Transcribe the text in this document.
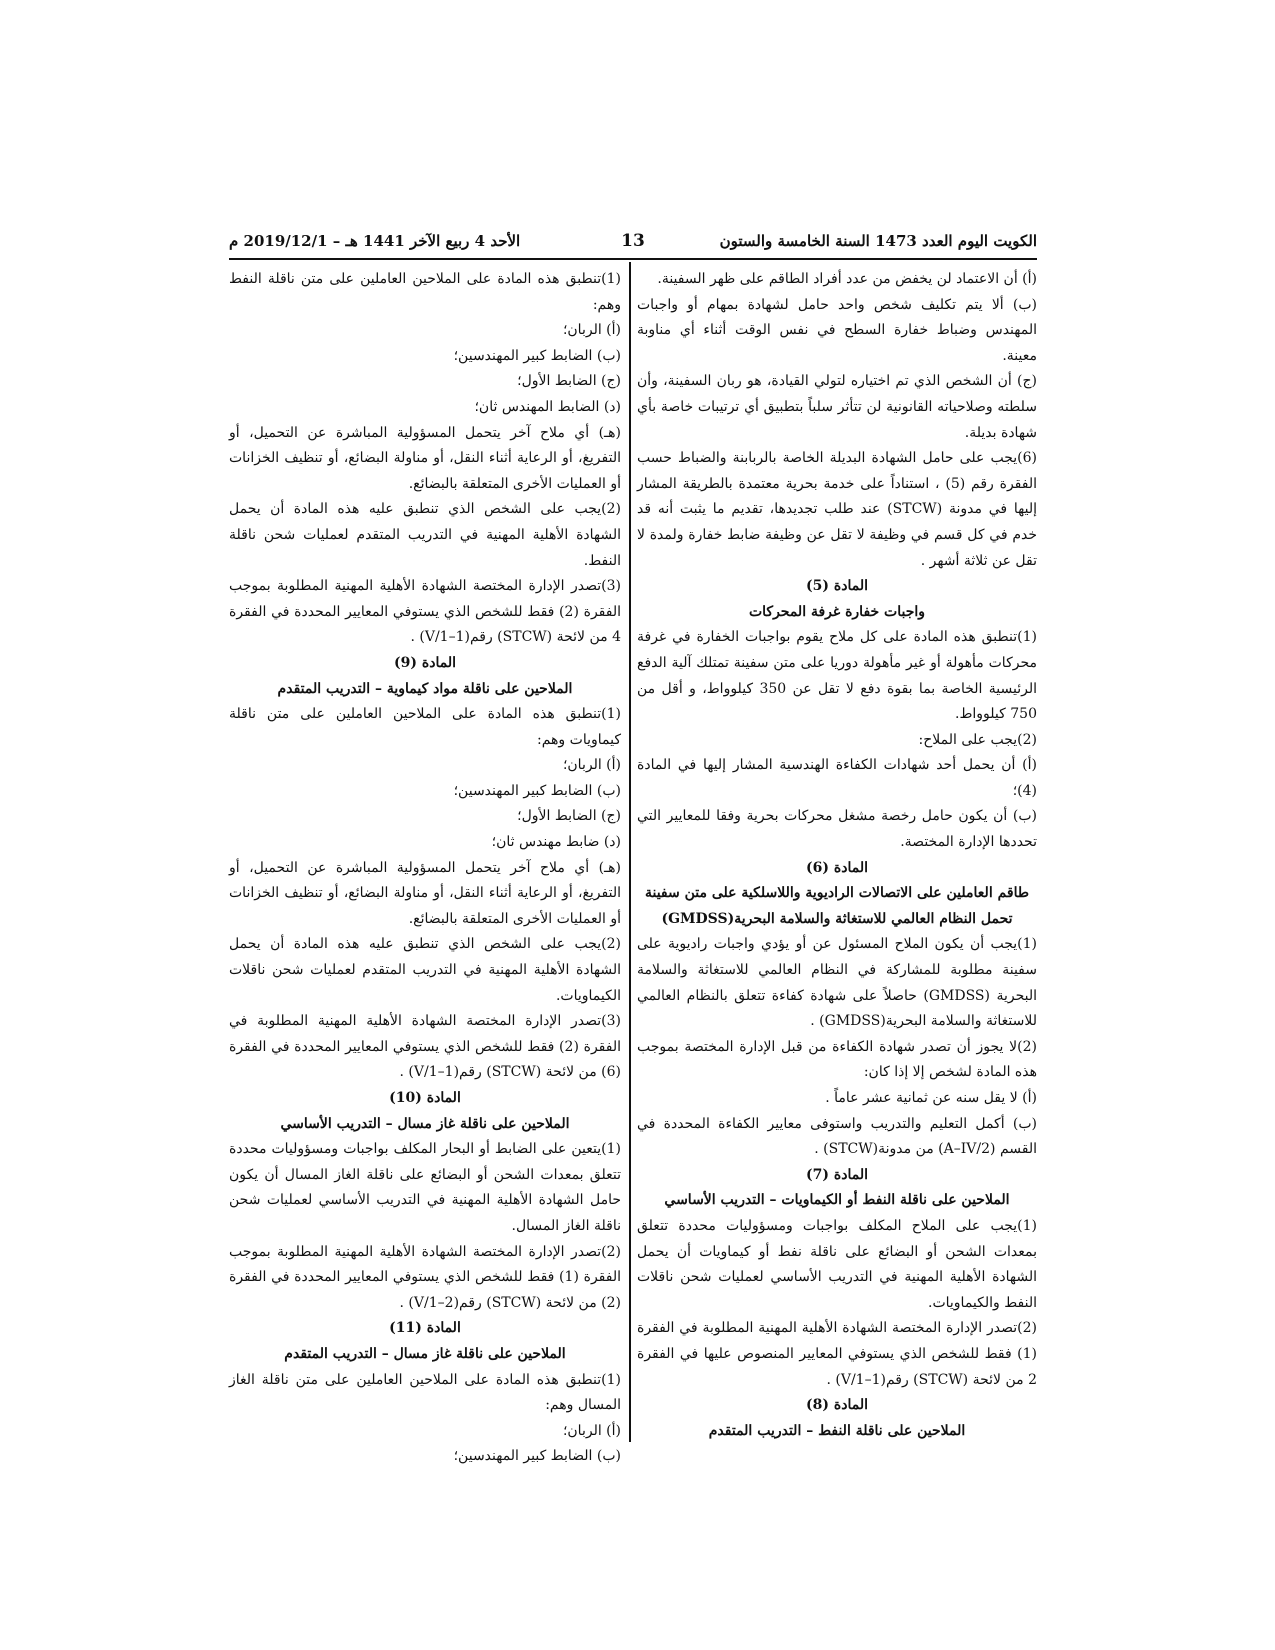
الكويت اليوم العدد 1473 السنة الخامسة والستون
13
الأحد 4 ربيع الآخر 1441 هـ – 2019/12/1 م

(أ) أن الاعتماد لن يخفض من عدد أفراد الطاقم على ظهر السفينة.

(ب) ألا يتم تكليف شخص واحد حامل لشهادة بمهام أو واجبات المهندس وضباط خفارة السطح في نفس الوقت أثناء أي مناوبة معينة.

(ج) أن الشخص الذي تم اختياره لتولي القيادة، هو ربان السفينة، وأن سلطته وصلاحياته القانونية لن تتأثر سلباً بتطبيق أي ترتيبات خاصة بأي شهادة بديلة.

(6)يجب على حامل الشهادة البديلة الخاصة بالربابنة والضباط حسب الفقرة رقم (5) ، استناداً على خدمة بحرية معتمدة بالطريقة المشار إليها في مدونة (STCW) عند طلب تجديدها، تقديم ما يثبت أنه قد خدم في كل قسم في وظيفة لا تقل عن وظيفة ضابط خفارة ولمدة لا تقل عن ثلاثة أشهر .

المادة (5)

واجبات خفارة غرفة المحركات

(1)تنطبق هذه المادة على كل ملاح يقوم بواجبات الخفارة في غرفة محركات مأهولة أو غير مأهولة دوريا على متن سفينة تمتلك آلية الدفع الرئيسية الخاصة بما بقوة دفع لا تقل عن 350 كيلوواط، و أقل من 750 كيلوواط.

(2)يجب على الملاح:

(أ) أن يحمل أحد شهادات الكفاءة الهندسية المشار إليها في المادة (4)؛

(ب) أن يكون حامل رخصة مشغل محركات بحرية وفقا للمعايير التي تحددها الإدارة المختصة.

المادة (6)

طاقم العاملين على الاتصالات الراديوية واللاسلكية على متن سفينة تحمل النظام العالمي للاستغاثة والسلامة البحرية(GMDSS)

(1)يجب أن يكون الملاح المسئول عن أو يؤدي واجبات راديوية على سفينة مطلوبة للمشاركة في النظام العالمي للاستغاثة والسلامة البحرية (GMDSS) حاصلاً على شهادة كفاءة تتعلق بالنظام العالمي للاستغاثة والسلامة البحرية(GMDSS) .

(2)لا يجوز أن تصدر شهادة الكفاءة من قبل الإدارة المختصة بموجب هذه المادة لشخص إلا إذا كان:

(أ) لا يقل سنه عن ثمانية عشر عاماً .

(ب) أكمل التعليم والتدريب واستوفى معايير الكفاءة المحددة في القسم (A–IV/2) من مدونة(STCW) .

المادة (7)

الملاحين على ناقلة النفط أو الكيماويات – التدريب الأساسي

(1)يجب على الملاح المكلف بواجبات ومسؤوليات محددة تتعلق بمعدات الشحن أو البضائع على ناقلة نفط أو كيماويات أن يحمل الشهادة الأهلية المهنية في التدريب الأساسي لعمليات شحن ناقلات النفط والكيماويات.

(2)تصدر الإدارة المختصة الشهادة الأهلية المهنية المطلوبة في الفقرة (1) فقط للشخص الذي يستوفي المعايير المنصوص عليها في الفقرة 2 من لائحة (STCW) رقم(V/1–1) .

المادة (8)

الملاحين على ناقلة النفط – التدريب المتقدم

(1)تنطبق هذه المادة على الملاحين العاملين على متن ناقلة النفط وهم:

(أ) الربان؛

(ب) الضابط كبير المهندسين؛

(ج) الضابط الأول؛

(د) الضابط المهندس ثان؛

(هـ) أي ملاح آخر يتحمل المسؤولية المباشرة عن التحميل، أو التفريغ، أو الرعاية أثناء النقل، أو مناولة البضائع، أو تنظيف الخزانات أو العمليات الأخرى المتعلقة بالبضائع.

(2)يجب على الشخص الذي تنطبق عليه هذه المادة أن يحمل الشهادة الأهلية المهنية في التدريب المتقدم لعمليات شحن ناقلة النفط.

(3)تصدر الإدارة المختصة الشهادة الأهلية المهنية المطلوبة بموجب الفقرة (2) فقط للشخص الذي يستوفي المعايير المحددة في الفقرة 4 من لائحة (STCW) رقم(V/1–1) .

المادة (9)

الملاحين على ناقلة مواد كيماوية – التدريب المتقدم

(1)تنطبق هذه المادة على الملاحين العاملين على متن ناقلة كيماويات وهم:

(أ) الربان؛

(ب) الضابط كبير المهندسين؛

(ج) الضابط الأول؛

(د) ضابط مهندس ثان؛

(هـ) أي ملاح آخر يتحمل المسؤولية المباشرة عن التحميل، أو التفريغ، أو الرعاية أثناء النقل، أو مناولة البضائع، أو تنظيف الخزانات أو العمليات الأخرى المتعلقة بالبضائع.

(2)يجب على الشخص الذي تنطبق عليه هذه المادة أن يحمل الشهادة الأهلية المهنية في التدريب المتقدم لعمليات شحن ناقلات الكيماويات.

(3)تصدر الإدارة المختصة الشهادة الأهلية المهنية المطلوبة في الفقرة (2) فقط للشخص الذي يستوفي المعايير المحددة في الفقرة (6) من لائحة (STCW) رقم(V/1–1) .

المادة (10)

الملاحين على ناقلة غاز مسال – التدريب الأساسي

(1)يتعين على الضابط أو البحار المكلف بواجبات ومسؤوليات محددة تتعلق بمعدات الشحن أو البضائع على ناقلة الغاز المسال أن يكون حامل الشهادة الأهلية المهنية في التدريب الأساسي لعمليات شحن ناقلة الغاز المسال.

(2)تصدر الإدارة المختصة الشهادة الأهلية المهنية المطلوبة بموجب الفقرة (1) فقط للشخص الذي يستوفي المعايير المحددة في الفقرة (2) من لائحة (STCW) رقم(V/1–2) .

المادة (11)

الملاحين على ناقلة غاز مسال – التدريب المتقدم

(1)تنطبق هذه المادة على الملاحين العاملين على متن ناقلة الغاز المسال وهم:

(أ) الربان؛

(ب) الضابط كبير المهندسين؛
